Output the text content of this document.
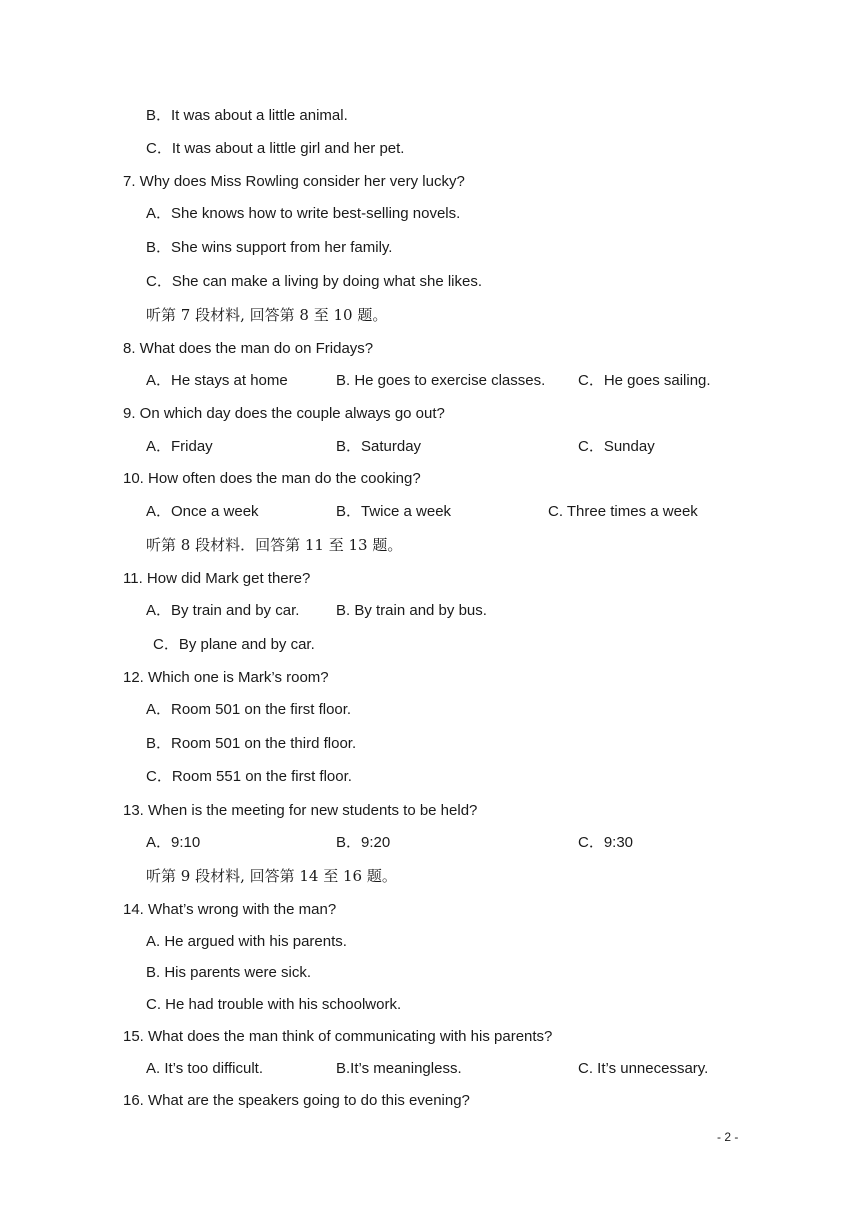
B．It was about a little animal.
C．It was about a little girl and her pet.
7. Why does Miss Rowling consider her very lucky?
A．She knows how to write best-selling novels.
B．She wins support from her family.
C．She can make a living by doing what she likes.
听第 7 段材料, 回答第 8 至 10 题。
8. What does the man do on Fridays?
A．He stays at home	B. He goes to exercise classes. C．He goes sailing.
9. On which day does the couple always go out?
A．Friday	B．Saturday	C．Sunday
10. How often does the man do the cooking?
A．Once a week	B．Twice a week	C. Three times a week
听第 8 段材料．回答第 11 至 13 题。
11. How did Mark get there?
A．By train and by car. B. By train and by bus.
C．By plane and by car.
12. Which one is Mark’s room?
A．Room 501 on the first floor.
B．Room 501 on the third floor.
C．Room 551 on the first floor.
13. When is the meeting for new students to be held?
A．9:10	B．9:20	C．9:30
听第 9 段材料, 回答第 14 至 16 题。
14. What’s wrong with the man?
A. He argued with his parents.
B. His parents were sick.
C. He had trouble with his schoolwork.
15. What does the man think of communicating with his parents?
A. It’s too difficult.	B.It’s meaningless.	C. It’s unnecessary.
16. What are the speakers going to do this evening?
- 2 -
